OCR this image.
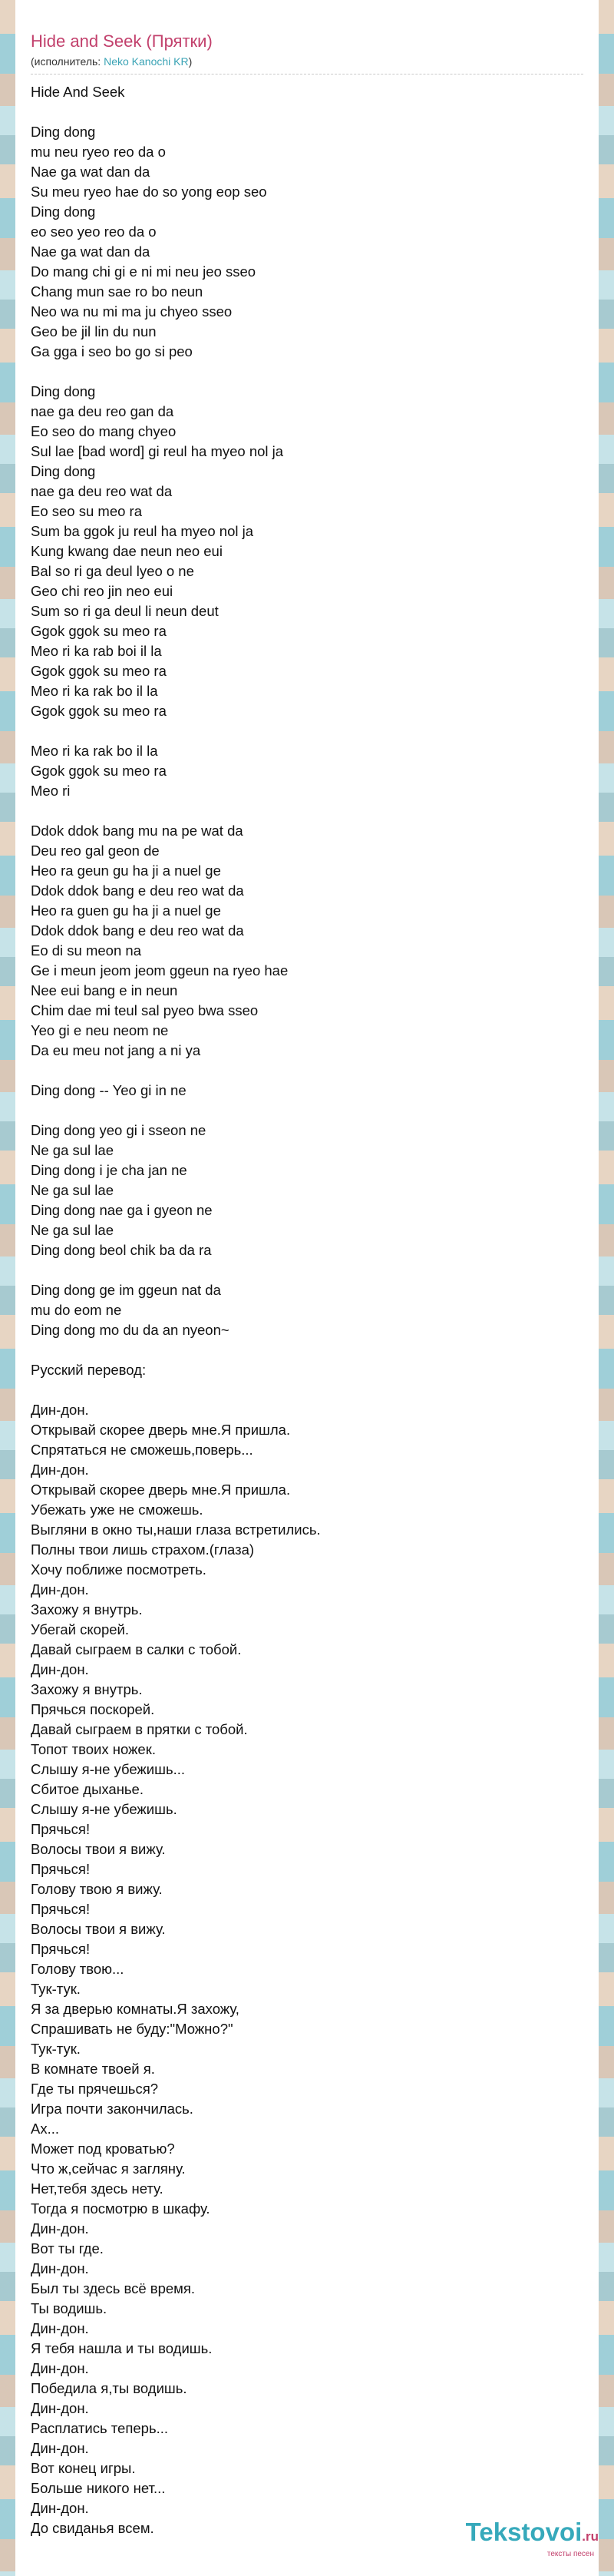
Hide and Seek (Прятки)
(исполнитель: Neko Kanochi KR)
Hide And Seek
Ding dong
mu neu ryeo reo da o
Nae ga wat dan da
Su meu ryeo hae do so yong eop seo
Ding dong
eo seo yeo reo da o
Nae ga wat dan da
Do mang chi gi e ni mi neu jeo sseo
Chang mun sae ro bo neun
Neo wa nu mi ma ju chyeo sseo
Geo be jil lin du nun
Ga gga i seo bo go si peo
Ding dong
nae ga deu reo gan da
Eo seo do mang chyeo
Sul lae [bad word] gi reul ha myeo nol ja
Ding dong
nae ga deu reo wat da
Eo seo su meo ra
Sum ba ggok ju reul ha myeo nol ja
Kung kwang dae neun neo eui
Bal so ri ga deul lyeo o ne
Geo chi reo jin neo eui
Sum so ri ga deul li neun deut
Ggok ggok su meo ra
Meo ri ka rab boi il la
Ggok ggok su meo ra
Meo ri ka rak bo il la
Ggok ggok su meo ra
Meo ri ka rak bo il la
Ggok ggok su meo ra
Meo ri
Ddok ddok bang mu na pe wat da
Deu reo gal geon de
Heo ra geun gu ha ji a nuel ge
Ddok ddok bang e deu reo wat da
Heo ra guen gu ha ji a nuel ge
Ddok ddok bang e deu reo wat da
Eo di su meon na
Ge i meun jeom jeom ggeun na ryeo hae
Nee eui bang e in neun
Chim dae mi teul sal pyeo bwa sseo
Yeo gi e neu neom ne
Da eu meu not jang a ni ya
Ding dong -- Yeo gi in ne
Ding dong yeo gi i sseon ne
Ne ga sul lae
Ding dong i je cha jan ne
Ne ga sul lae
Ding dong nae ga i gyeon ne
Ne ga sul lae
Ding dong beol chik ba da ra
Ding dong ge im ggeun nat da
mu do eom ne
Ding dong mo du da an nyeon~
Русский перевод:
Дин-дон.
Открывай скорее дверь мне.Я пришла.
Спрятаться не сможешь,поверь...
Дин-дон.
Открывай скорее дверь мне.Я пришла.
Убежать уже не сможешь.
Выгляни в окно ты,наши глаза встретились.
Полны твои лишь страхом.(глаза)
Хочу поближе посмотреть.
Дин-дон.
Захожу я внутрь.
Убегай скорей.
Давай сыграем в салки с тобой.
Дин-дон.
Захожу я внутрь.
Прячься поскорей.
Давай сыграем в прятки с тобой.
Топот твоих ножек.
Слышу я-не убежишь...
Сбитое дыханье.
Слышу я-не убежишь.
Прячься!
Волосы твои я вижу.
Прячься!
Голову твою я вижу.
Прячься!
Волосы твои я вижу.
Прячься!
Голову твою...
Тук-тук.
Я за дверью комнаты.Я захожу,
Спрашивать не буду:"Можно?"
Тук-тук.
В комнате твоей я.
Где ты прячешься?
Игра почти закончилась.
Ах...
Может под кроватью?
Что ж,сейчас я загляну.
Нет,тебя здесь нету.
Тогда я посмотрю в шкафу.
Дин-дон.
Вот ты где.
Дин-дон.
Был ты здесь всё время.
Ты водишь.
Дин-дон.
Я тебя нашла и ты водишь.
Дин-дон.
Победила я,ты водишь.
Дин-дон.
Расплатись теперь...
Дин-дон.
Вот конец игры.
Больше никого нет...
Дин-дон.
До свиданья всем.	Tekstovoi.ru
тексты песен
